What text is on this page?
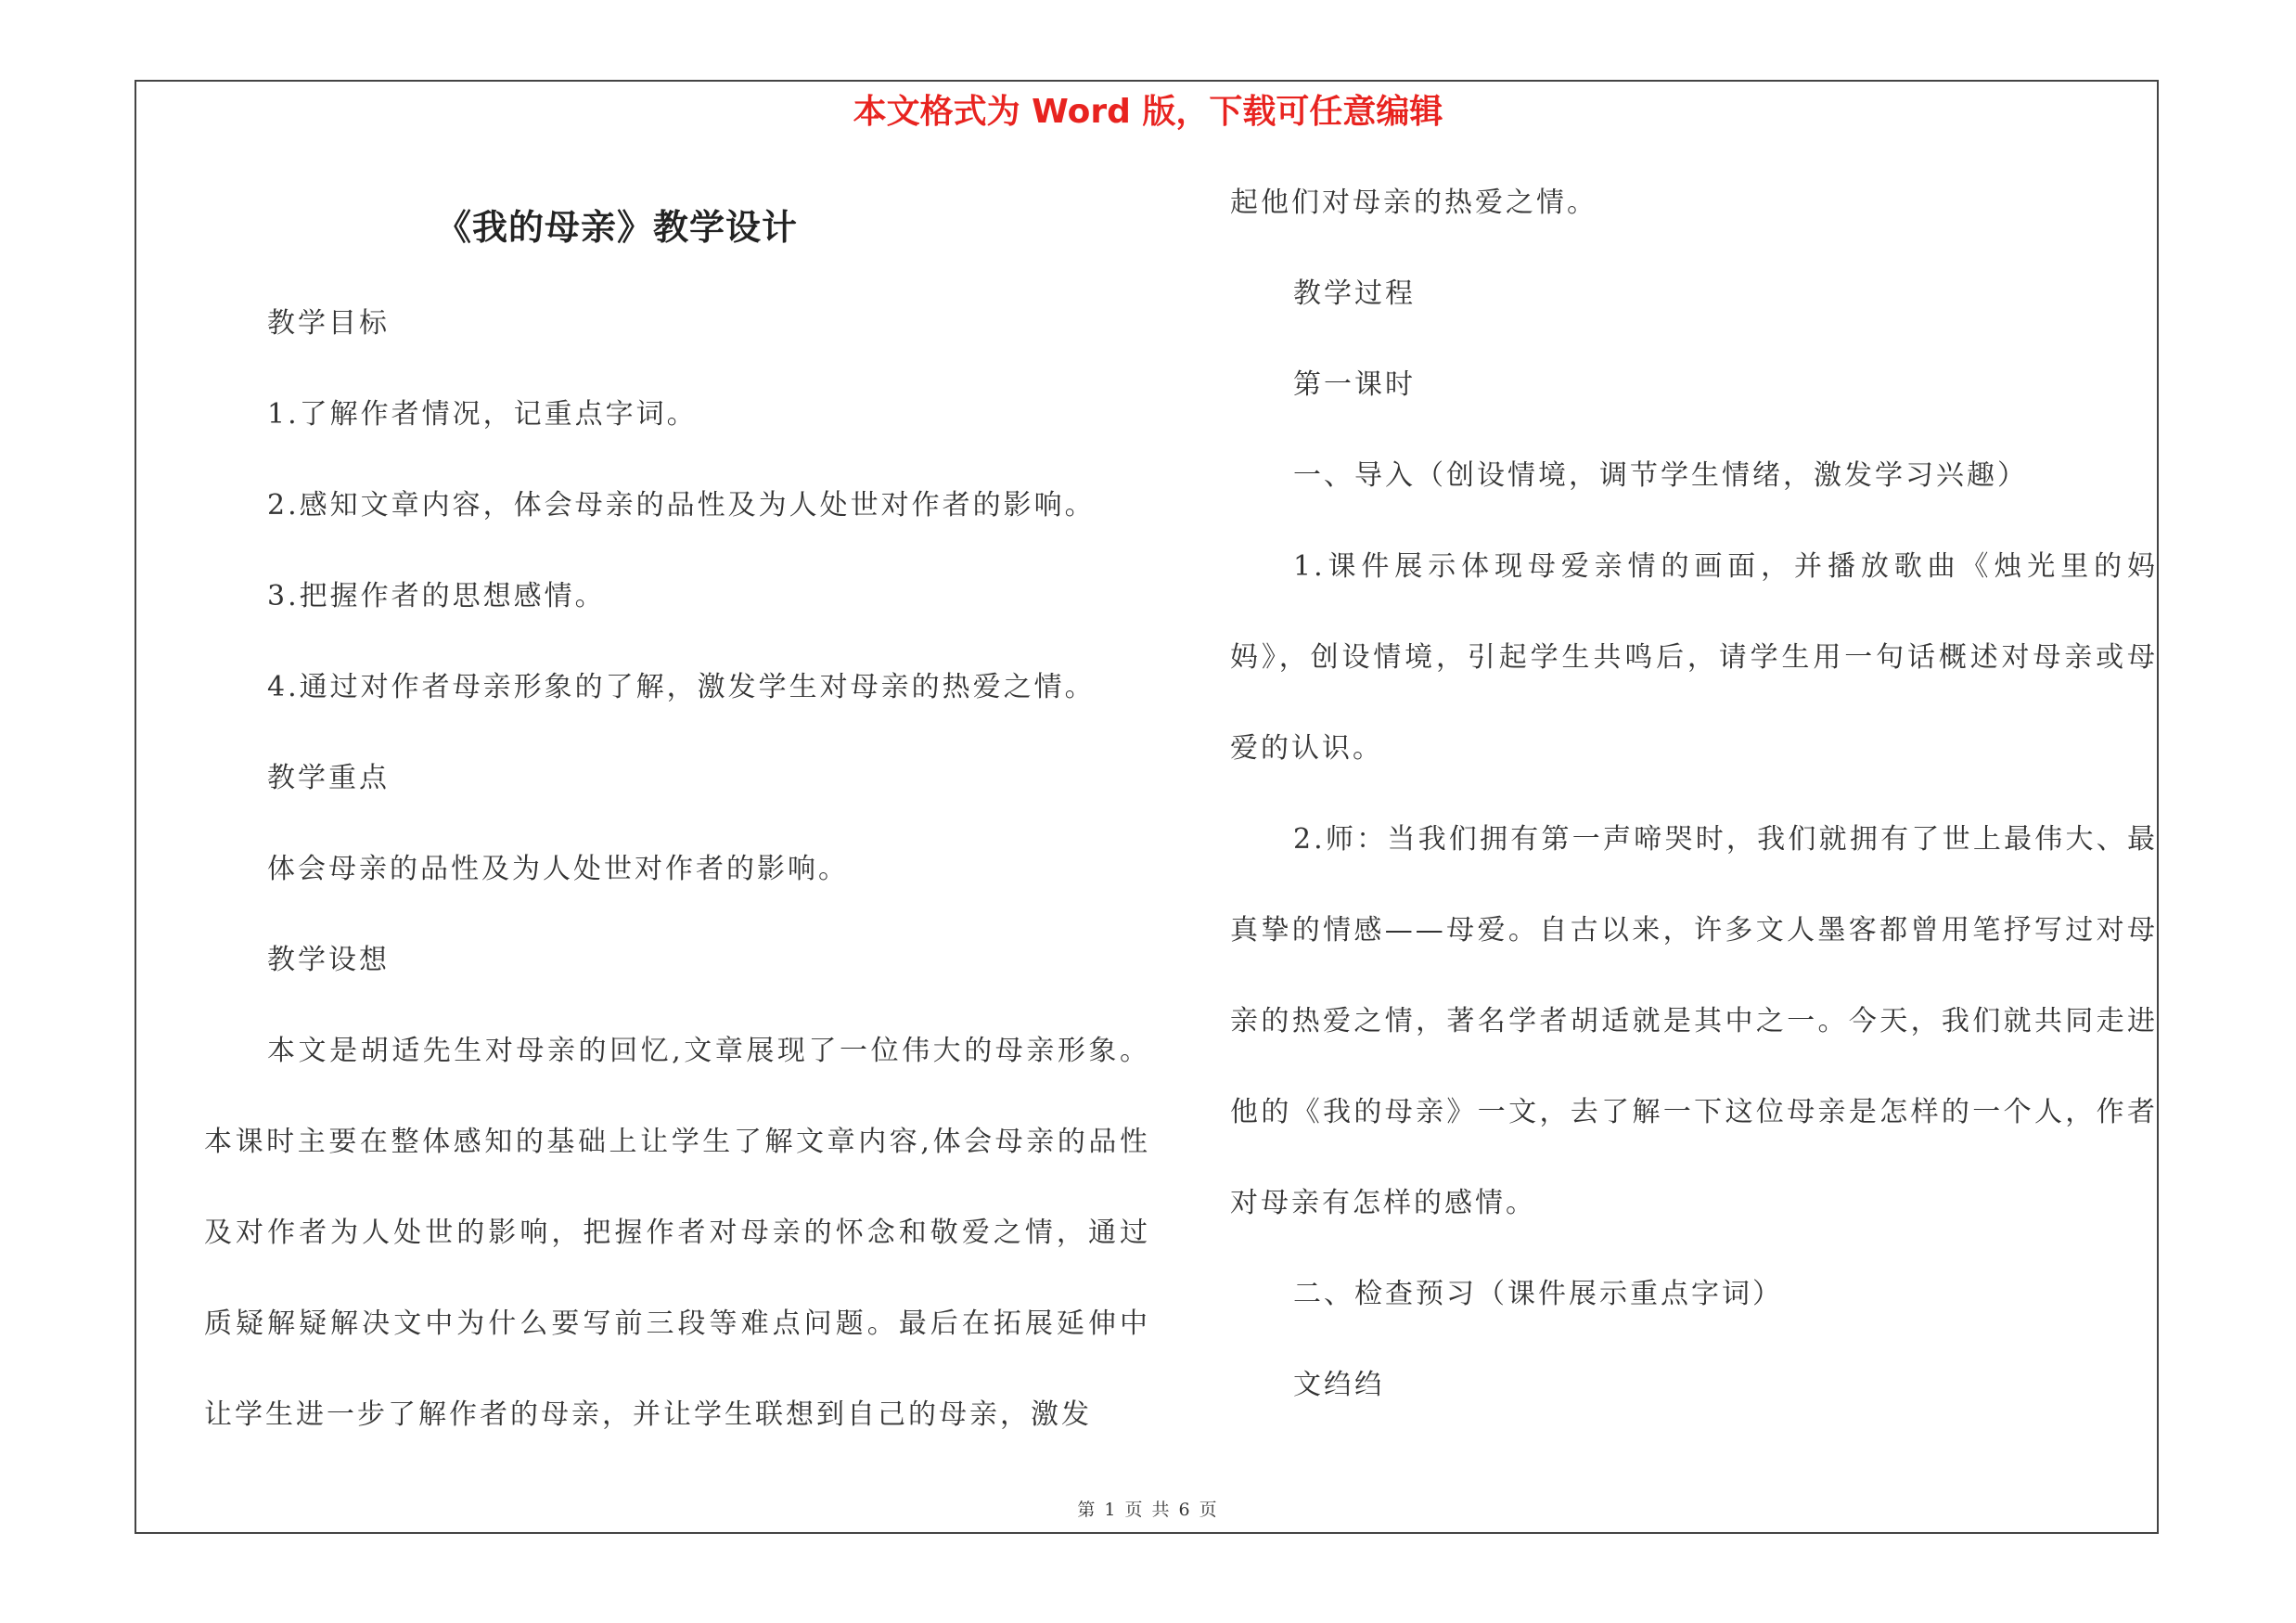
本文格式为 Word 版，下载可任意编辑
《我的母亲》教学设计

教学目标

1.了解作者情况，记重点字词。

2.感知文章内容，体会母亲的品性及为人处世对作者的影响。

3.把握作者的思想感情。

4.通过对作者母亲形象的了解，激发学生对母亲的热爱之情。

教学重点

体会母亲的品性及为人处世对作者的影响。

教学设想

本文是胡适先生对母亲的回忆,文章展现了一位伟大的母亲形象。本课时主要在整体感知的基础上让学生了解文章内容,体会母亲的品性及对作者为人处世的影响，把握作者对母亲的怀念和敬爱之情，通过质疑解疑解决文中为什么要写前三段等难点问题。最后在拓展延伸中让学生进一步了解作者的母亲，并让学生联想到自己的母亲，激发

起他们对母亲的热爱之情。

教学过程

第一课时

一、导入（创设情境，调节学生情绪，激发学习兴趣）

1.课件展示体现母爱亲情的画面，并播放歌曲《烛光里的妈妈》，创设情境，引起学生共鸣后，请学生用一句话概述对母亲或母爱的认识。

2.师：当我们拥有第一声啼哭时，我们就拥有了世上最伟大、最真挚的情感——母爱。自古以来，许多文人墨客都曾用笔抒写过对母亲的热爱之情，著名学者胡适就是其中之一。今天，我们就共同走进他的《我的母亲》一文，去了解一下这位母亲是怎样的一个人，作者对母亲有怎样的感情。

二、检查预习（课件展示重点字词）

文绉绉

第 1 页 共 6 页
